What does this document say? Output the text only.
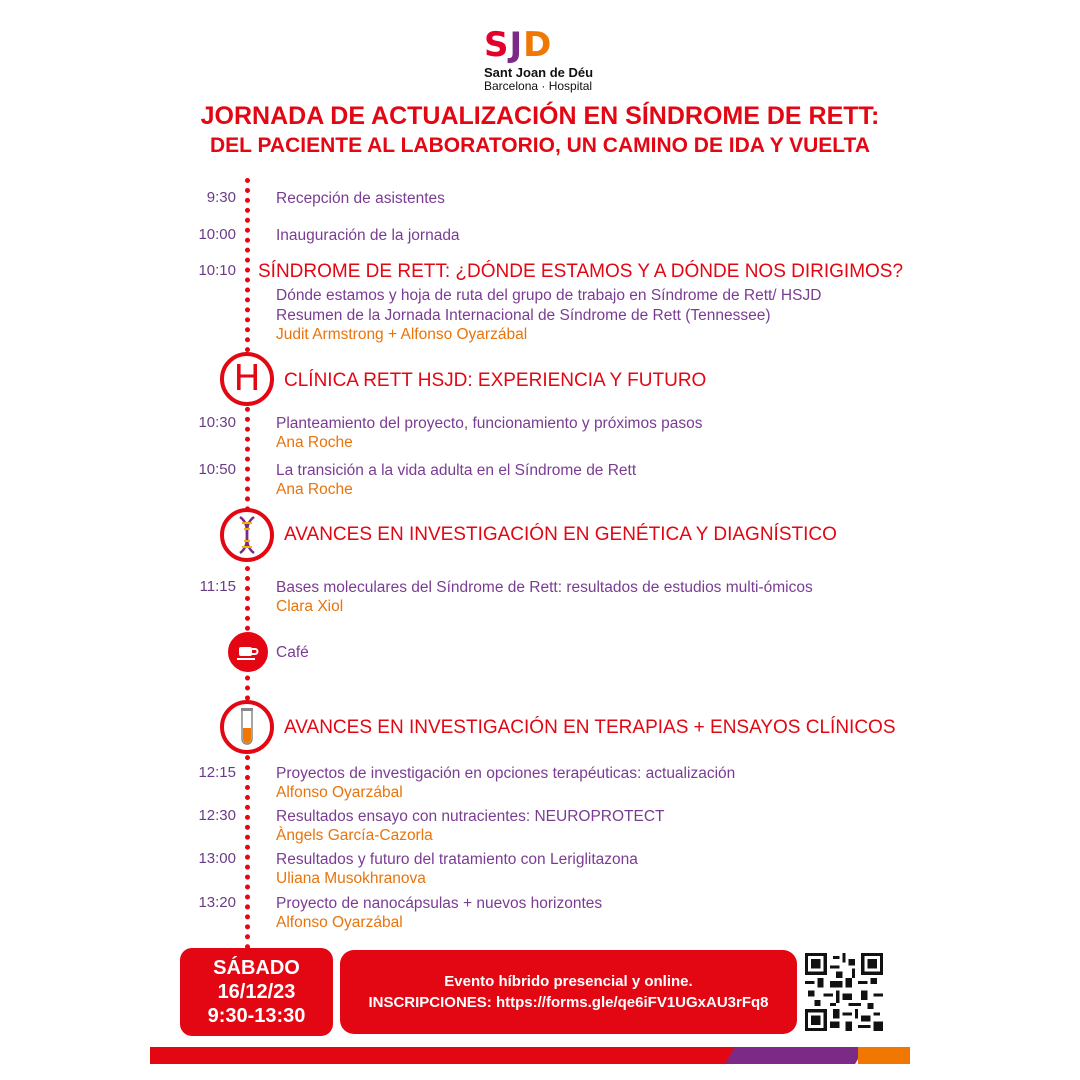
SJD
Sant Joan de Déu
Barcelona · Hospital
JORNADA DE ACTUALIZACIÓN EN SÍNDROME DE RETT:
DEL PACIENTE AL LABORATORIO, UN CAMINO DE IDA Y VUELTA
9:30	Recepción de asistentes
10:00	Inauguración de la jornada
10:10 SÍNDROME DE RETT: ¿DÓNDE ESTAMOS Y A DÓNDE NOS DIRIGIMOS?
Dónde estamos y hoja de ruta del grupo de trabajo en Síndrome de Rett/ HSJD
Resumen de la Jornada Internacional de Síndrome de Rett (Tennessee)
Judit Armstrong + Alfonso Oyarzábal
H CLÍNICA RETT HSJD: EXPERIENCIA Y FUTURO
10:30	Planteamiento del proyecto, funcionamiento y próximos pasos
Ana Roche
10:50	La transición a la vida adulta en el Síndrome de Rett
Ana Roche
AVANCES EN INVESTIGACIÓN EN GENÉTICA Y DIAGNÍSTICO
11:15	Bases moleculares del Síndrome de Rett: resultados de estudios multi-ómicos
Clara Xiol
Café
AVANCES EN INVESTIGACIÓN EN TERAPIAS + ENSAYOS CLÍNICOS
12:15	Proyectos de investigación en opciones terapéuticas: actualización
Alfonso Oyarzábal
12:30	Resultados ensayo con nutracientes: NEUROPROTECT
Àngels García-Cazorla
13:00	Resultados y futuro del tratamiento con Leriglitazona
Uliana Musokhranova
13:20	Proyecto de nanocápsulas + nuevos horizontes
Alfonso Oyarzábal
SÁBADO
16/12/23
9:30-13:30
Evento híbrido presencial y online.
INSCRIPCIONES: https://forms.gle/qe6iFV1UGxAU3rFq8
